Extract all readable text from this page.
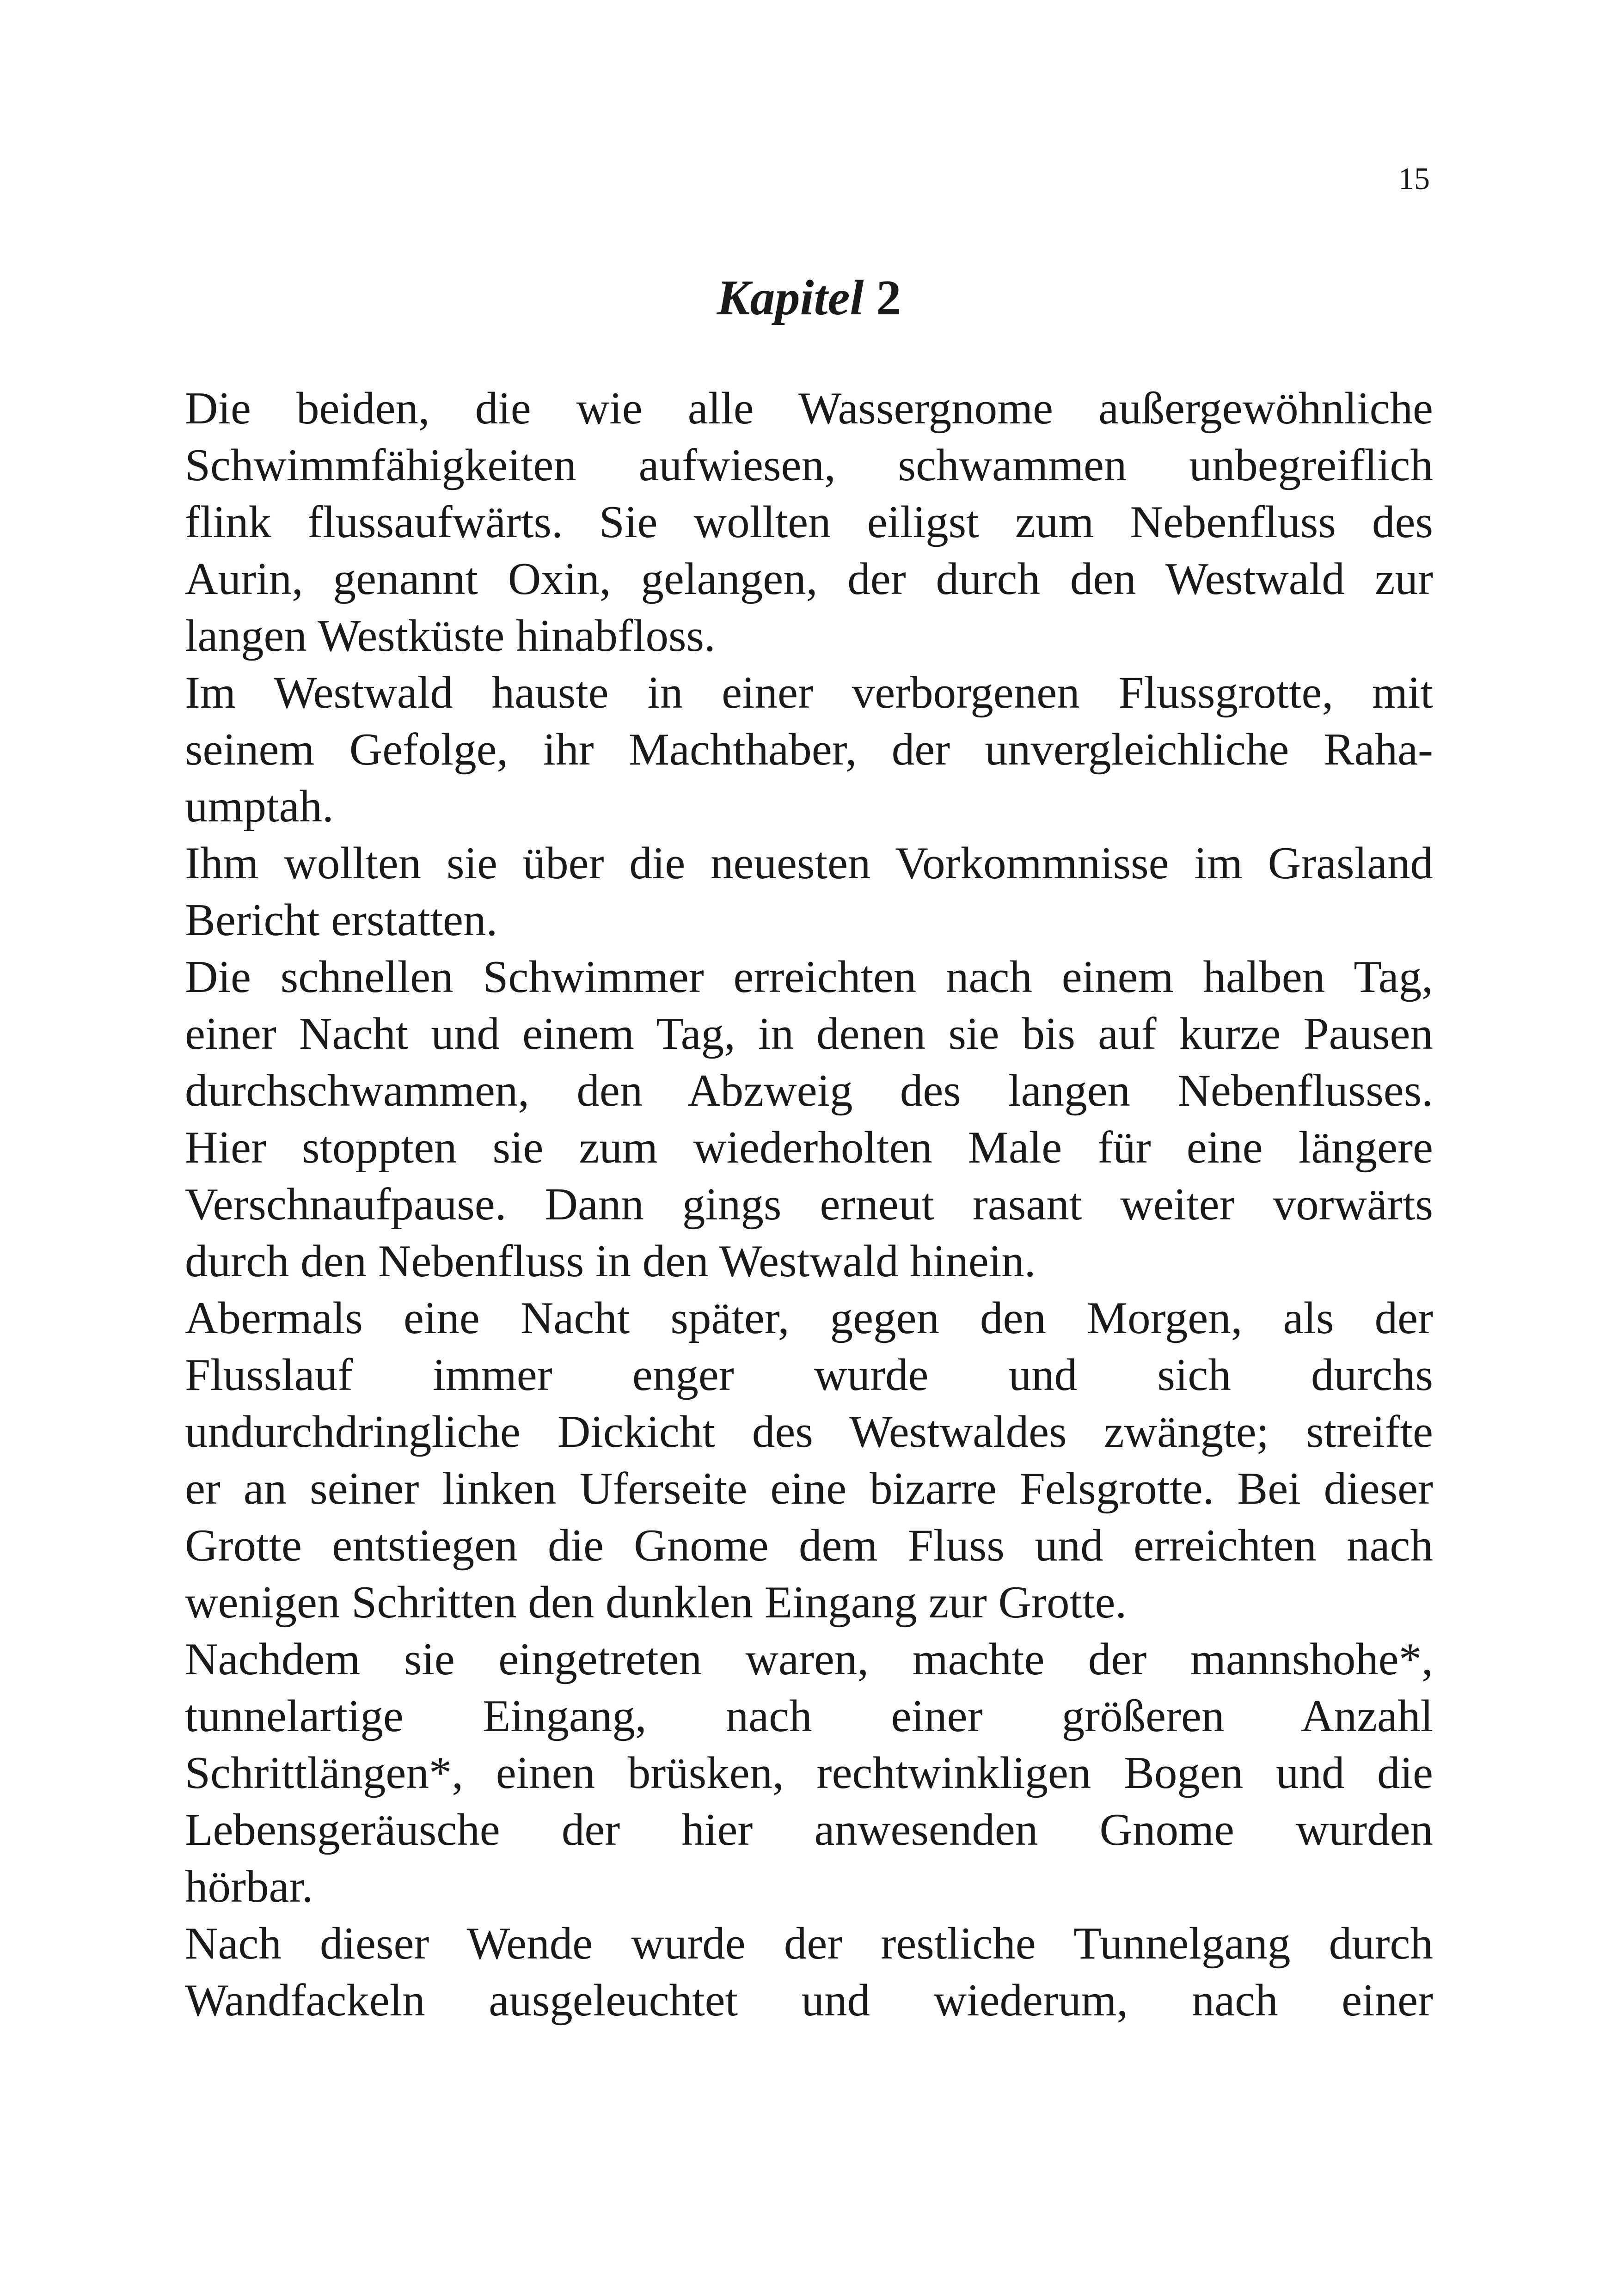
15
Kapitel 2
Die beiden, die wie alle Wassergnome außergewöhnliche
Schwimmfähigkeiten aufwiesen, schwammen unbegreiflich
flink flussaufwärts. Sie wollten eiligst zum Nebenfluss des
Aurin, genannt Oxin, gelangen, der durch den Westwald zur
langen Westküste hinabfloss.
Im Westwald hauste in einer verborgenen Flussgrotte, mit
seinem Gefolge, ihr Machthaber, der unvergleichliche Raha-
umptah.
Ihm wollten sie über die neuesten Vorkommnisse im Grasland
Bericht erstatten.
Die schnellen Schwimmer erreichten nach einem halben Tag,
einer Nacht und einem Tag, in denen sie bis auf kurze Pausen
durchschwammen, den Abzweig des langen Nebenflusses.
Hier stoppten sie zum wiederholten Male für eine längere
Verschnaufpause. Dann gings erneut rasant weiter vorwärts
durch den Nebenfluss in den Westwald hinein.
Abermals eine Nacht später, gegen den Morgen, als der
Flusslauf immer enger wurde und sich durchs
undurchdringliche Dickicht des Westwaldes zwängte; streifte
er an seiner linken Uferseite eine bizarre Felsgrotte. Bei dieser
Grotte entstiegen die Gnome dem Fluss und erreichten nach
wenigen Schritten den dunklen Eingang zur Grotte.
Nachdem sie eingetreten waren, machte der mannshohe*,
tunnelartige Eingang, nach einer größeren Anzahl
Schrittlängen*, einen brüsken, rechtwinkligen Bogen und die
Lebensgeräusche der hier anwesenden Gnome wurden
hörbar.
Nach dieser Wende wurde der restliche Tunnelgang durch
Wandfackeln ausgeleuchtet und wiederum, nach einer
